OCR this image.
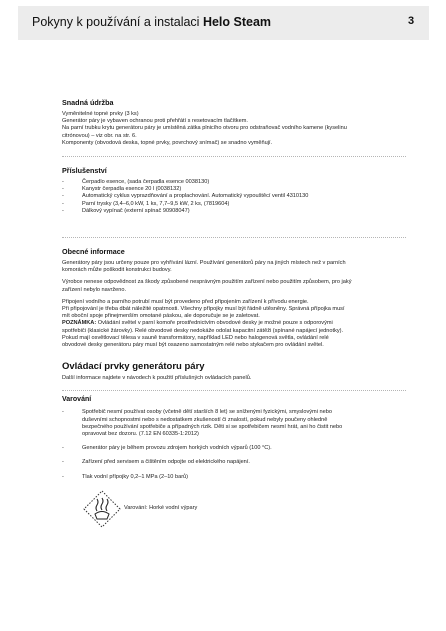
Pokyny k používání a instalaci Helo Steam	3
Snadná údržba

Vyměnitelné topné prvky (3 ks)

Generátor páry je vybaven ochranou proti přehřátí s resetovacím tlačítkem.

Na parní trubku krytu generátoru páry je umístěná zátka plnicího otvoru pro odstraňovač vodního kamene (kyselinu

citrónovou) – viz obr. na str. 6.

Komponenty (obvodová deska, topné prvky, povrchový snímač) se snadno vyměňují.

Příslušenství
- Čerpadlo esence, (sada čerpadla esence 0038130)
- Kanystr čerpadla esence 20 l (0038132)
- Automatický cyklus vyprazdňování a proplachování. Automatický vypouštěcí ventil 4310130
- Parní trysky (3,4–6,0 kW, 1 ks, 7,7–9,5 kW, 2 ks, (7819604)
- Dálkový vypínač (externí spínač 90908047)
Obecné informace

Generátory páry jsou určeny pouze pro vyhřívání lázní. Používání generátorů páry na jiných místech než v parních

komorách může poškodit konstrukci budovy.

Výrobce nenese odpovědnost za škody způsobené nesprávným použitím zařízení nebo použitím způsobem, pro jaký

zařízení nebylo navrženo.

Připojení vodního a parního potrubí musí být provedeno před připojením zařízení k přívodu energie.

Při připojování je třeba dbát náležité opatrnosti. Všechny přípojky musí být řádně utěsněny. Správná přípojka musí

mít oboční spoje přinejmenším omotané páskou, ale doporučuje se je zaletovat.

POZNÁMKA: Ovládání světel v parní komoře prostřednictvím obvodové desky je možné pouze s odporovými

spotřebiči (klasické žárovky). Relé obvodové desky nedokáže odolat kapacitní zátěži (spínané napájecí jednotky).

Pokud mají osvětlovací tělesa v sauně transformátory, například LED nebo halogenová světla, ovládání relé

obvodové desky generátoru páry musí být osazeno samostatným relé nebo stykačem pro ovládání světel.

Ovládací prvky generátoru páry

Další informace najdete v návodech k použití příslušných ovládacích panelů.

Varování
- Spotřebič nesmí používat osoby (včetně dětí starších 8 let) se sníženými fyzickými, smyslovými nebo
duševními schopnostmi nebo s nedostatkem zkušeností či znalostí, pokud nebyly poučeny ohledně
bezpečného používání spotřebiče a případných rizik. Děti si se spotřebičem nesmí hrát, ani ho čistit nebo
opravovat bez dozoru. (7.12 EN 60335-1:2012)
- Generátor páry je během provozu zdrojem horkých vodních výparů (100 °C).
- Zařízení před servisem a čištěním odpojte od elektrického napájení.
- Tlak vodní přípojky 0,2–1 MPa (2–10 barů)
Varování: Horké vodní výpary
